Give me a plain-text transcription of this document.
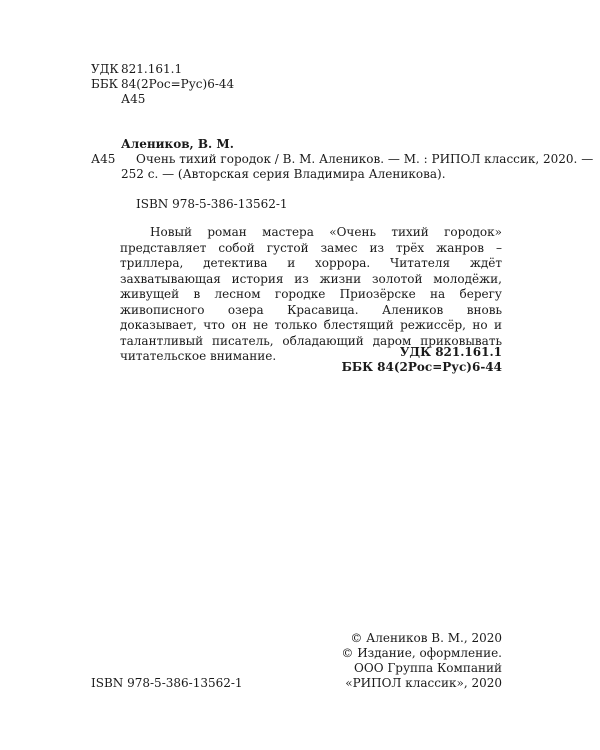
УДК 821.161.1
ББК 84(2Рос=Рус)6-44
А45
Алеников, В. М.
А45 Очень тихий городок / В. М. Алеников. — М. : РИПОЛ классик, 2020. —
252 с. — (Авторская серия Владимира Аленикова).
ISBN 978-5-386-13562-1

Новый роман мастера «Очень тихий городок» представляет собой густой замес из трёх жанров – триллера, детектива и хоррора. Читателя ждёт захватывающая история из жизни золотой молодёжи, живущей в лесном городке Приозёрске на берегу живописного озера Красавица. Алеников вновь доказывает, что он не только блестящий режиссёр, но и талантливый писатель, обладающий даром приковывать читательское внимание.	УДК 821.161.1
ББК 84(2Рос=Рус)6-44
© Аленикoв В. М., 2020
© Издание, оформление.
ООО Группа Компаний
«РИПОЛ классик», 2020
ISBN 978-5-386-13562-1
